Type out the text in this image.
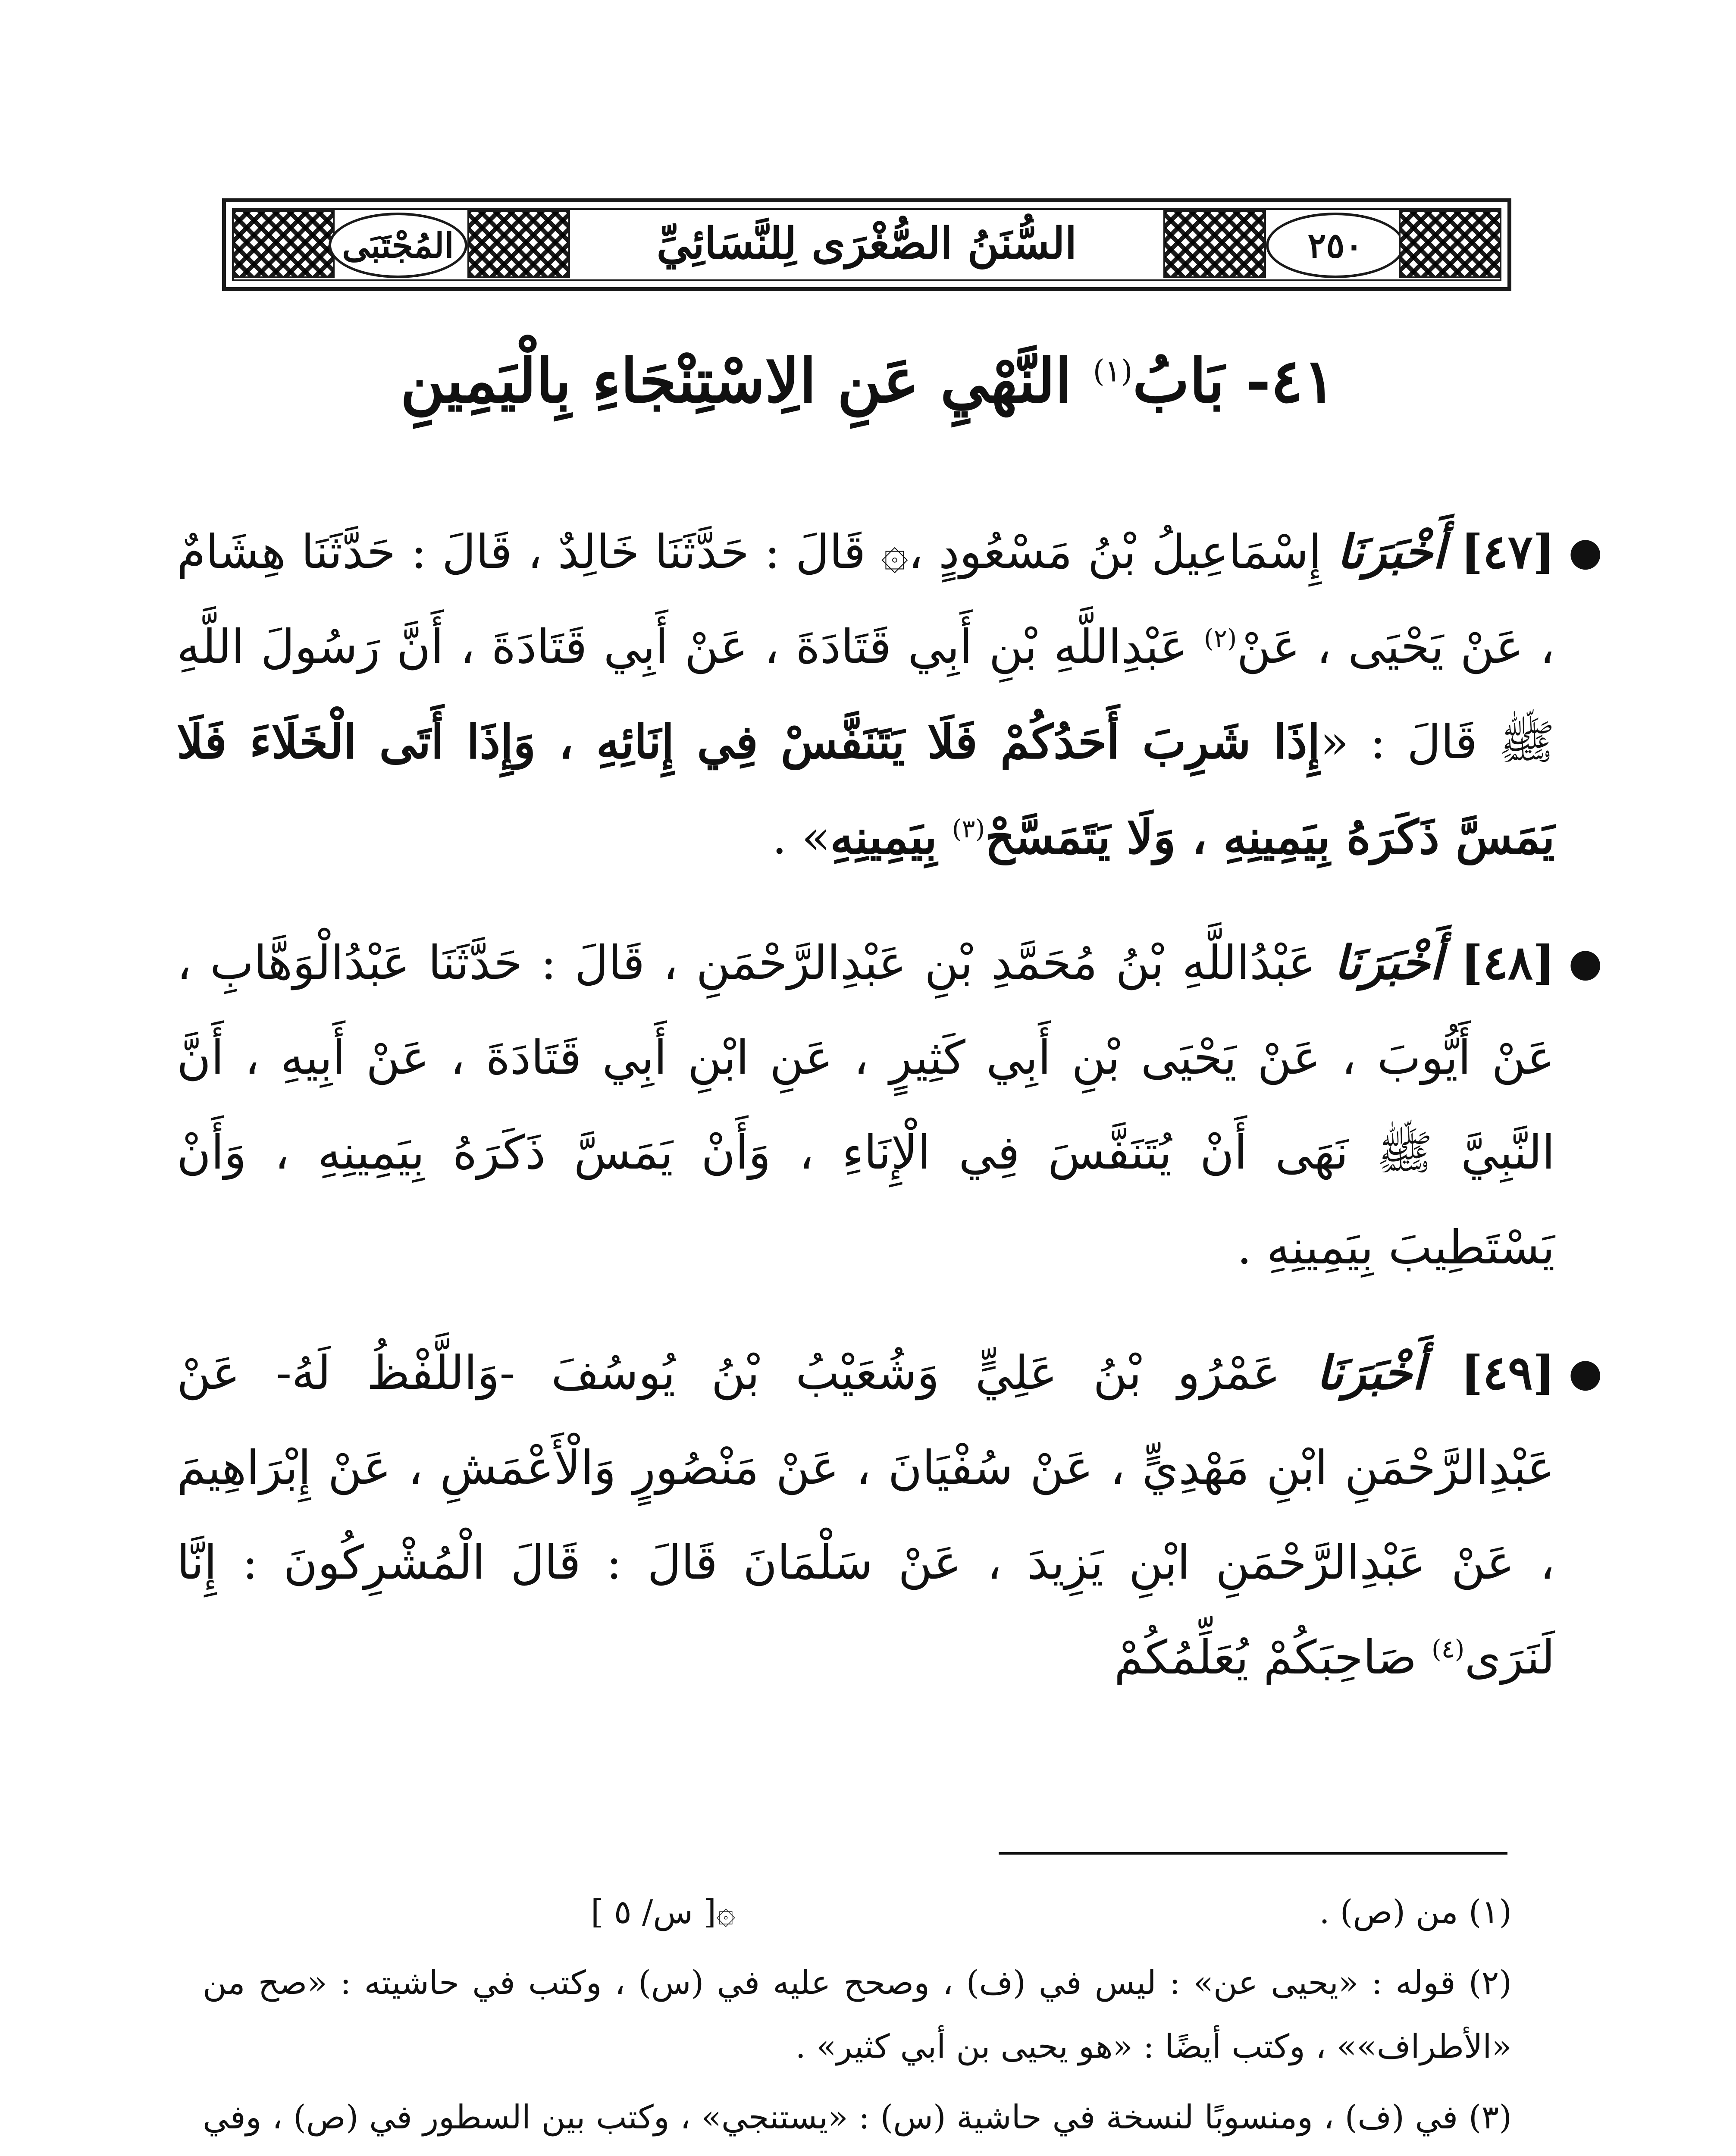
المُجْتَبَى	السُّنَنُ الصُّغْرَى لِلنَّسَائِيِّ	٢٥٠
٤١- بَابُ$^{(١)}$ النَّهْيِ عَنِ الِاسْتِنْجَاءِ بِالْيَمِينِ

●
[٤٧] أَخْبَرَنَا إِسْمَاعِيلُ بْنُ مَسْعُودٍ ،۞ قَالَ : حَدَّثَنَا خَالِدٌ ، قَالَ : حَدَّثَنَا هِشَامٌ ، عَنْ يَحْيَى ، عَنْ$^{(٢)}$ عَبْدِاللَّهِ بْنِ أَبِي قَتَادَةَ ، عَنْ أَبِي قَتَادَةَ ، أَنَّ رَسُولَ اللَّهِ ﷺ قَالَ : «إِذَا شَرِبَ أَحَدُكُمْ فَلَا يَتَنَفَّسْ فِي إِنَائِهِ ، وَإِذَا أَتَى الْخَلَاءَ فَلَا يَمَسَّ ذَكَرَهُ بِيَمِينِهِ ، وَلَا يَتَمَسَّحْ$^{(٣)}$ بِيَمِينِهِ» .

●
[٤٨] أَخْبَرَنَا عَبْدُاللَّهِ بْنُ مُحَمَّدِ بْنِ عَبْدِالرَّحْمَنِ ، قَالَ : حَدَّثَنَا عَبْدُالْوَهَّابِ ، عَنْ أَيُّوبَ ، عَنْ يَحْيَى بْنِ أَبِي كَثِيرٍ ، عَنِ ابْنِ أَبِي قَتَادَةَ ، عَنْ أَبِيهِ ، أَنَّ النَّبِيَّ ﷺ نَهَى أَنْ يُتَنَفَّسَ فِي الْإِنَاءِ ، وَأَنْ يَمَسَّ ذَكَرَهُ بِيَمِينِهِ ، وَأَنْ يَسْتَطِيبَ بِيَمِينِهِ .

●
[٤٩] أَخْبَرَنَا عَمْرُو بْنُ عَلِيٍّ وَشُعَيْبُ بْنُ يُوسُفَ -وَاللَّفْظُ لَهُ- عَنْ عَبْدِالرَّحْمَنِ ابْنِ مَهْدِيٍّ ، عَنْ سُفْيَانَ ، عَنْ مَنْصُورٍ وَالْأَعْمَشِ ، عَنْ إِبْرَاهِيمَ ، عَنْ عَبْدِالرَّحْمَنِ ابْنِ يَزِيدَ ، عَنْ سَلْمَانَ قَالَ : قَالَ الْمُشْرِكُونَ : إِنَّا لَنَرَى$^{(٤)}$ صَاحِبَكُمْ يُعَلِّمُكُمْ

(١) من (ص) .
۞[ س/ ٥ ]
(٢) قوله : «يحيى عن» : ليس في (ف) ، وصحح عليه في (س) ، وكتب في حاشيته : «صح من «الأطراف»» ، وكتب أيضًا : «هو يحيى بن أبي كثير» .
(٣) في (ف) ، ومنسوبًا لنسخة في حاشية (س) : «يستنجي» ، وكتب بين السطور في (ص) ، وفي
